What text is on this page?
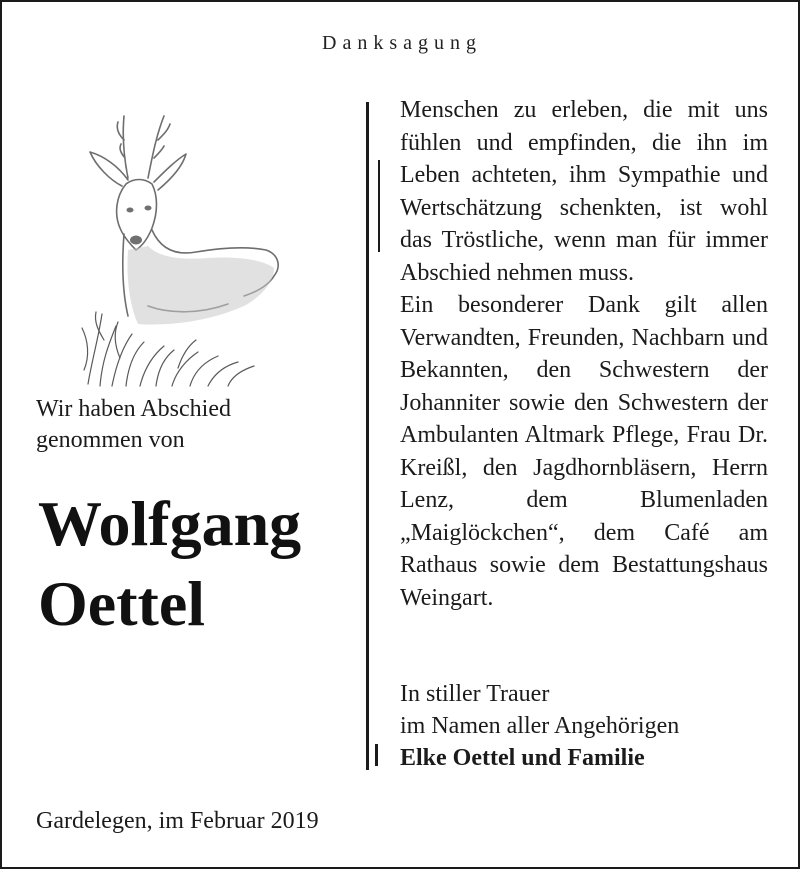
Danksagung
Wir haben Abschied
genommen von
Wolfgang
Oettel

Menschen zu erleben, die mit uns fühlen und empfinden, die ihn im Leben achteten, ihm Sympathie und Wertschätzung schenkten, ist wohl das Tröstliche, wenn man für immer Abschied nehmen muss.

Ein besonderer Dank gilt allen Verwandten, Freunden, Nachbarn und Bekannten, den Schwestern der Johanniter sowie den Schwestern der Ambulanten Altmark Pflege, Frau Dr. Kreißl, den Jagdhornbläsern, Herrn Lenz, dem Blumenladen „Maiglöckchen“, dem Café am Rathaus sowie dem Bestattungshaus Weingart.

In stiller Trauer
im Namen aller Angehörigen
Elke Oettel und Familie
Gardelegen, im Februar 2019
